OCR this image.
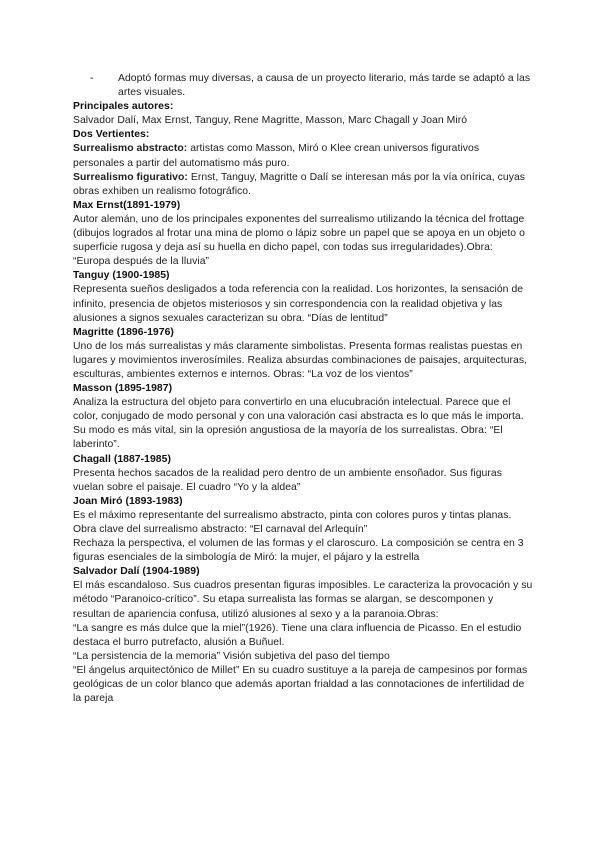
-	Adoptó formas muy diversas, a causa de un proyecto literario, más tarde se adaptó a las artes visuales.

Principales autores:

Salvador Dalí, Max Ernst, Tanguy, Rene Magritte, Masson, Marc Chagall y Joan Miró

Dos Vertientes:

Surrealismo abstracto: artistas como Masson, Miró o Klee crean universos figurativos personales a partir del automatismo más puro.

Surrealismo figurativo: Ernst, Tanguy, Magritte o Dalí se interesan más por la vía onírica, cuyas obras exhiben un realismo fotográfico.

Max Ernst(1891-1979)

Autor alemán, uno de los principales exponentes del surrealismo utilizando la técnica del frottage (dibujos logrados al frotar una mina de plomo o lápiz sobre un papel que se apoya en un objeto o superficie rugosa y deja así su huella en dicho papel, con todas sus irregularidades).Obra: “Europa después de la lluvia”

Tanguy (1900-1985)

Representa sueños desligados a toda referencia con la realidad. Los horizontes, la sensación de infinito, presencia de objetos misteriosos y sin correspondencia con la realidad objetiva y las alusiones a signos sexuales caracterizan su obra. “Días de lentitud”

Magritte (1896-1976)

Uno de los más surrealistas y más claramente simbolistas. Presenta formas realistas puestas en lugares y movimientos inverosímiles. Realiza absurdas combinaciones de paisajes, arquitecturas, esculturas, ambientes externos e internos. Obras: “La voz de los vientos”

Masson (1895-1987)

Analiza la estructura del objeto para convertirlo en una elucubración intelectual. Parece que el color, conjugado de modo personal y con una valoración casi abstracta es lo que más le importa. Su modo es más vital, sin la opresión angustiosa de la mayoría de los surrealistas. Obra: “El laberinto”.

Chagall (1887-1985)

Presenta hechos sacados de la realidad pero dentro de un ambiente ensoñador. Sus figuras vuelan sobre el paisaje. El cuadro “Yo y la aldea”

Joan Miró (1893-1983)

Es el máximo representante del surrealismo abstracto, pinta con colores puros y tintas planas. Obra clave del surrealismo abstracto: “El carnaval del Arlequín”

Rechaza la perspectiva, el volumen de las formas y el claroscuro. La composición se centra en 3 figuras esenciales de la simbología de Miró: la mujer, el pájaro y la estrella

Salvador Dalí (1904-1989)

El más escandaloso. Sus cuadros presentan figuras imposibles. Le caracteriza la provocación y su método “Paranoico-crítico”. Su etapa surrealista las formas se alargan, se descomponen y resultan de apariencia confusa, utilizó alusiones al sexo y a la paranoia.Obras:

“La sangre es más dulce que la miel”(1926). Tiene una clara influencia de Picasso. En el estudio destaca el burro putrefacto, alusión a Buñuel.

“La persistencia de la memoria” Visión subjetiva del paso del tiempo

“El ángelus arquitectónico de Millet” En su cuadro sustituye a la pareja de campesinos por formas geológicas de un color blanco que además aportan frialdad a las connotaciones de infertilidad de la pareja
